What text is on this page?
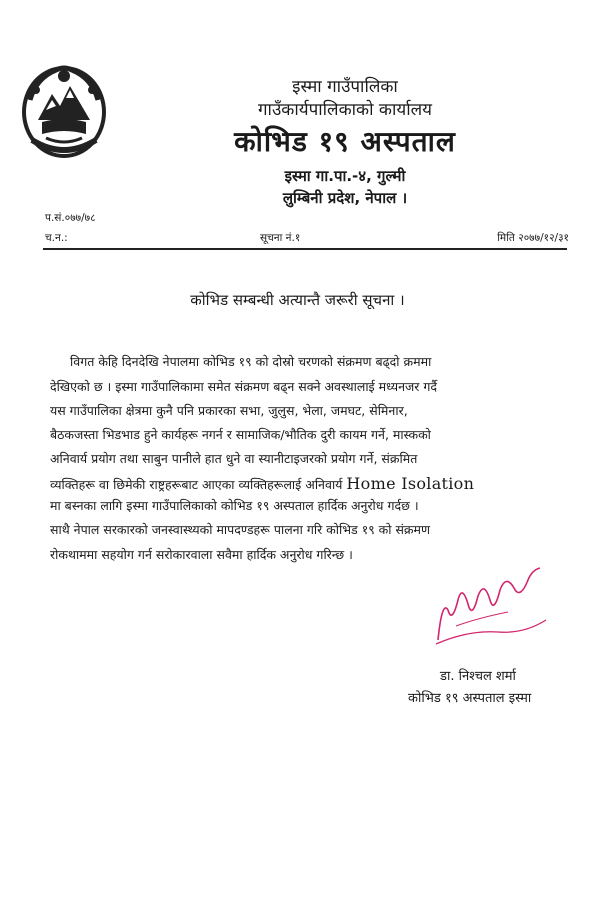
इस्मा गाउँपालिका
गाउँकार्यपालिकाको कार्यालय
कोभिड १९ अस्पताल
इस्मा गा.पा.-४, गुल्मी
लुम्बिनी प्रदेश, नेपाल ।
प.सं.०७७/७८
च.न.:	सूचना नं.१	मिति २०७७/१२/३१
कोभिड सम्बन्धी अत्यान्तै जरूरी सूचना ।
विगत केहि दिनदेखि नेपालमा कोभिड १९ को दोस्रो चरणको संक्रमण बढ्दो क्रममा
देखिएको छ । इस्मा गाउँपालिकामा समेत संक्रमण बढ्न सक्ने अवस्थालाई मध्यनजर गर्दै
यस गाउँपालिका क्षेत्रमा कुनै पनि प्रकारका सभा, जुलुस, भेला, जमघट, सेमिनार,
बैठकजस्ता भिडभाड हुने कार्यहरू नगर्न र सामाजिक/भौतिक दुरी कायम गर्ने, मास्कको
अनिवार्य प्रयोग तथा साबुन पानीले हात धुने वा स्यानीटाइजरको प्रयोग गर्ने, संक्रमित
व्यक्तिहरू वा छिमेकी राष्ट्रहरूबाट आएका व्यक्तिहरूलाई अनिवार्य Home Isolation
मा बस्नका लागि इस्मा गाउँपालिकाको कोभिड १९ अस्पताल हार्दिक अनुरोध गर्दछ ।
साथै नेपाल सरकारको जनस्वास्थ्यको मापदण्डहरू पालना गरि कोभिड १९ को संक्रमण
रोकथाममा सहयोग गर्न सरोकारवाला सवैमा हार्दिक अनुरोध गरिन्छ ।
डा. निश्चल शर्मा
कोभिड १९ अस्पताल इस्मा
